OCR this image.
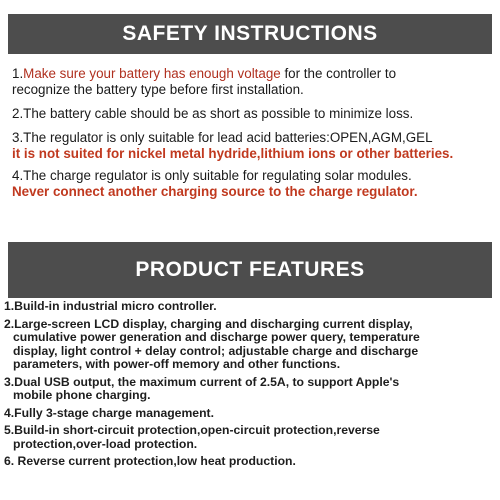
SAFETY INSTRUCTIONS
1.Make sure your battery has enough voltage for the controller to
recognize the battery type before first installation.
2.The battery cable should be as short as possible to minimize loss.
3.The regulator is only suitable for lead acid batteries:OPEN,AGM,GEL
it is not suited for nickel metal hydride,lithium ions or other batteries.
4.The charge regulator is only suitable for regulating solar modules.
Never connect another charging source to the charge regulator.
PRODUCT FEATURES
1.Build-in industrial micro controller.
2.Large-screen LCD display, charging and discharging current display,
cumulative power generation and discharge power query, temperature
display, light control + delay control; adjustable charge and discharge
parameters, with power-off memory and other functions.
3.Dual USB output, the maximum current of 2.5A, to support Apple's
mobile phone charging.
4.Fully 3-stage charge management.
5.Build-in short-circuit protection,open-circuit protection,reverse
protection,over-load protection.
6. Reverse current protection,low heat production.
